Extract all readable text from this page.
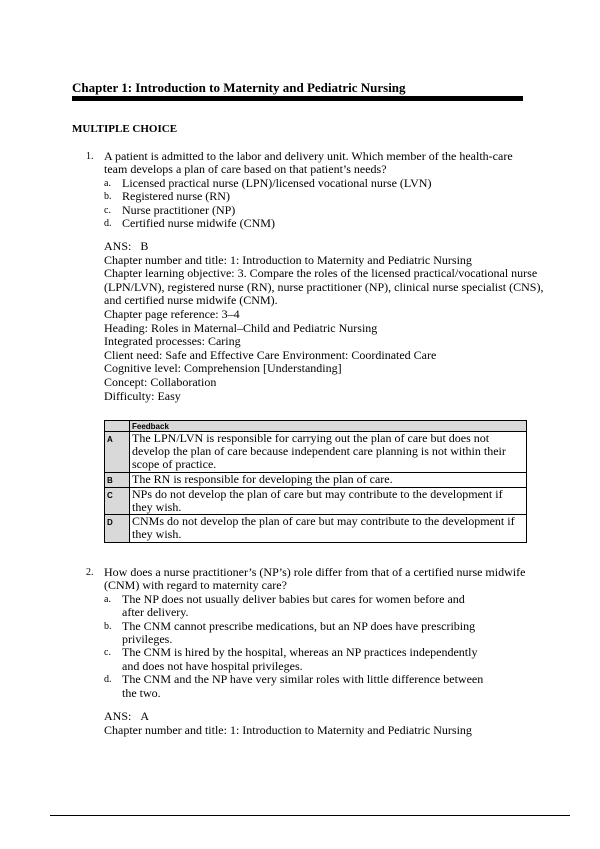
Chapter 1: Introduction to Maternity and Pediatric Nursing
MULTIPLE CHOICE
1. A patient is admitted to the labor and delivery unit. Which member of the health-care team develops a plan of care based on that patient’s needs?
a. Licensed practical nurse (LPN)/licensed vocational nurse (LVN)
b. Registered nurse (RN)
c. Nurse practitioner (NP)
d. Certified nurse midwife (CNM)
ANS: B
Chapter number and title: 1: Introduction to Maternity and Pediatric Nursing
Chapter learning objective: 3. Compare the roles of the licensed practical/vocational nurse (LPN/LVN), registered nurse (RN), nurse practitioner (NP), clinical nurse specialist (CNS), and certified nurse midwife (CNM).
Chapter page reference: 3–4
Heading: Roles in Maternal–Child and Pediatric Nursing
Integrated processes: Caring
Client need: Safe and Effective Care Environment: Coordinated Care
Cognitive level: Comprehension [Understanding]
Concept: Collaboration
Difficulty: Easy
	Feedback
A	The LPN/LVN is responsible for carrying out the plan of care but does not develop the plan of care because independent care planning is not within their scope of practice.
B	The RN is responsible for developing the plan of care.
C	NPs do not develop the plan of care but may contribute to the development if they wish.
D	CNMs do not develop the plan of care but may contribute to the development if they wish.
2. How does a nurse practitioner’s (NP’s) role differ from that of a certified nurse midwife (CNM) with regard to maternity care?
a. The NP does not usually deliver babies but cares for women before and after delivery.
b. The CNM cannot prescribe medications, but an NP does have prescribing privileges.
c. The CNM is hired by the hospital, whereas an NP practices independently and does not have hospital privileges.
d. The CNM and the NP have very similar roles with little difference between the two.
ANS: A
Chapter number and title: 1: Introduction to Maternity and Pediatric Nursing
